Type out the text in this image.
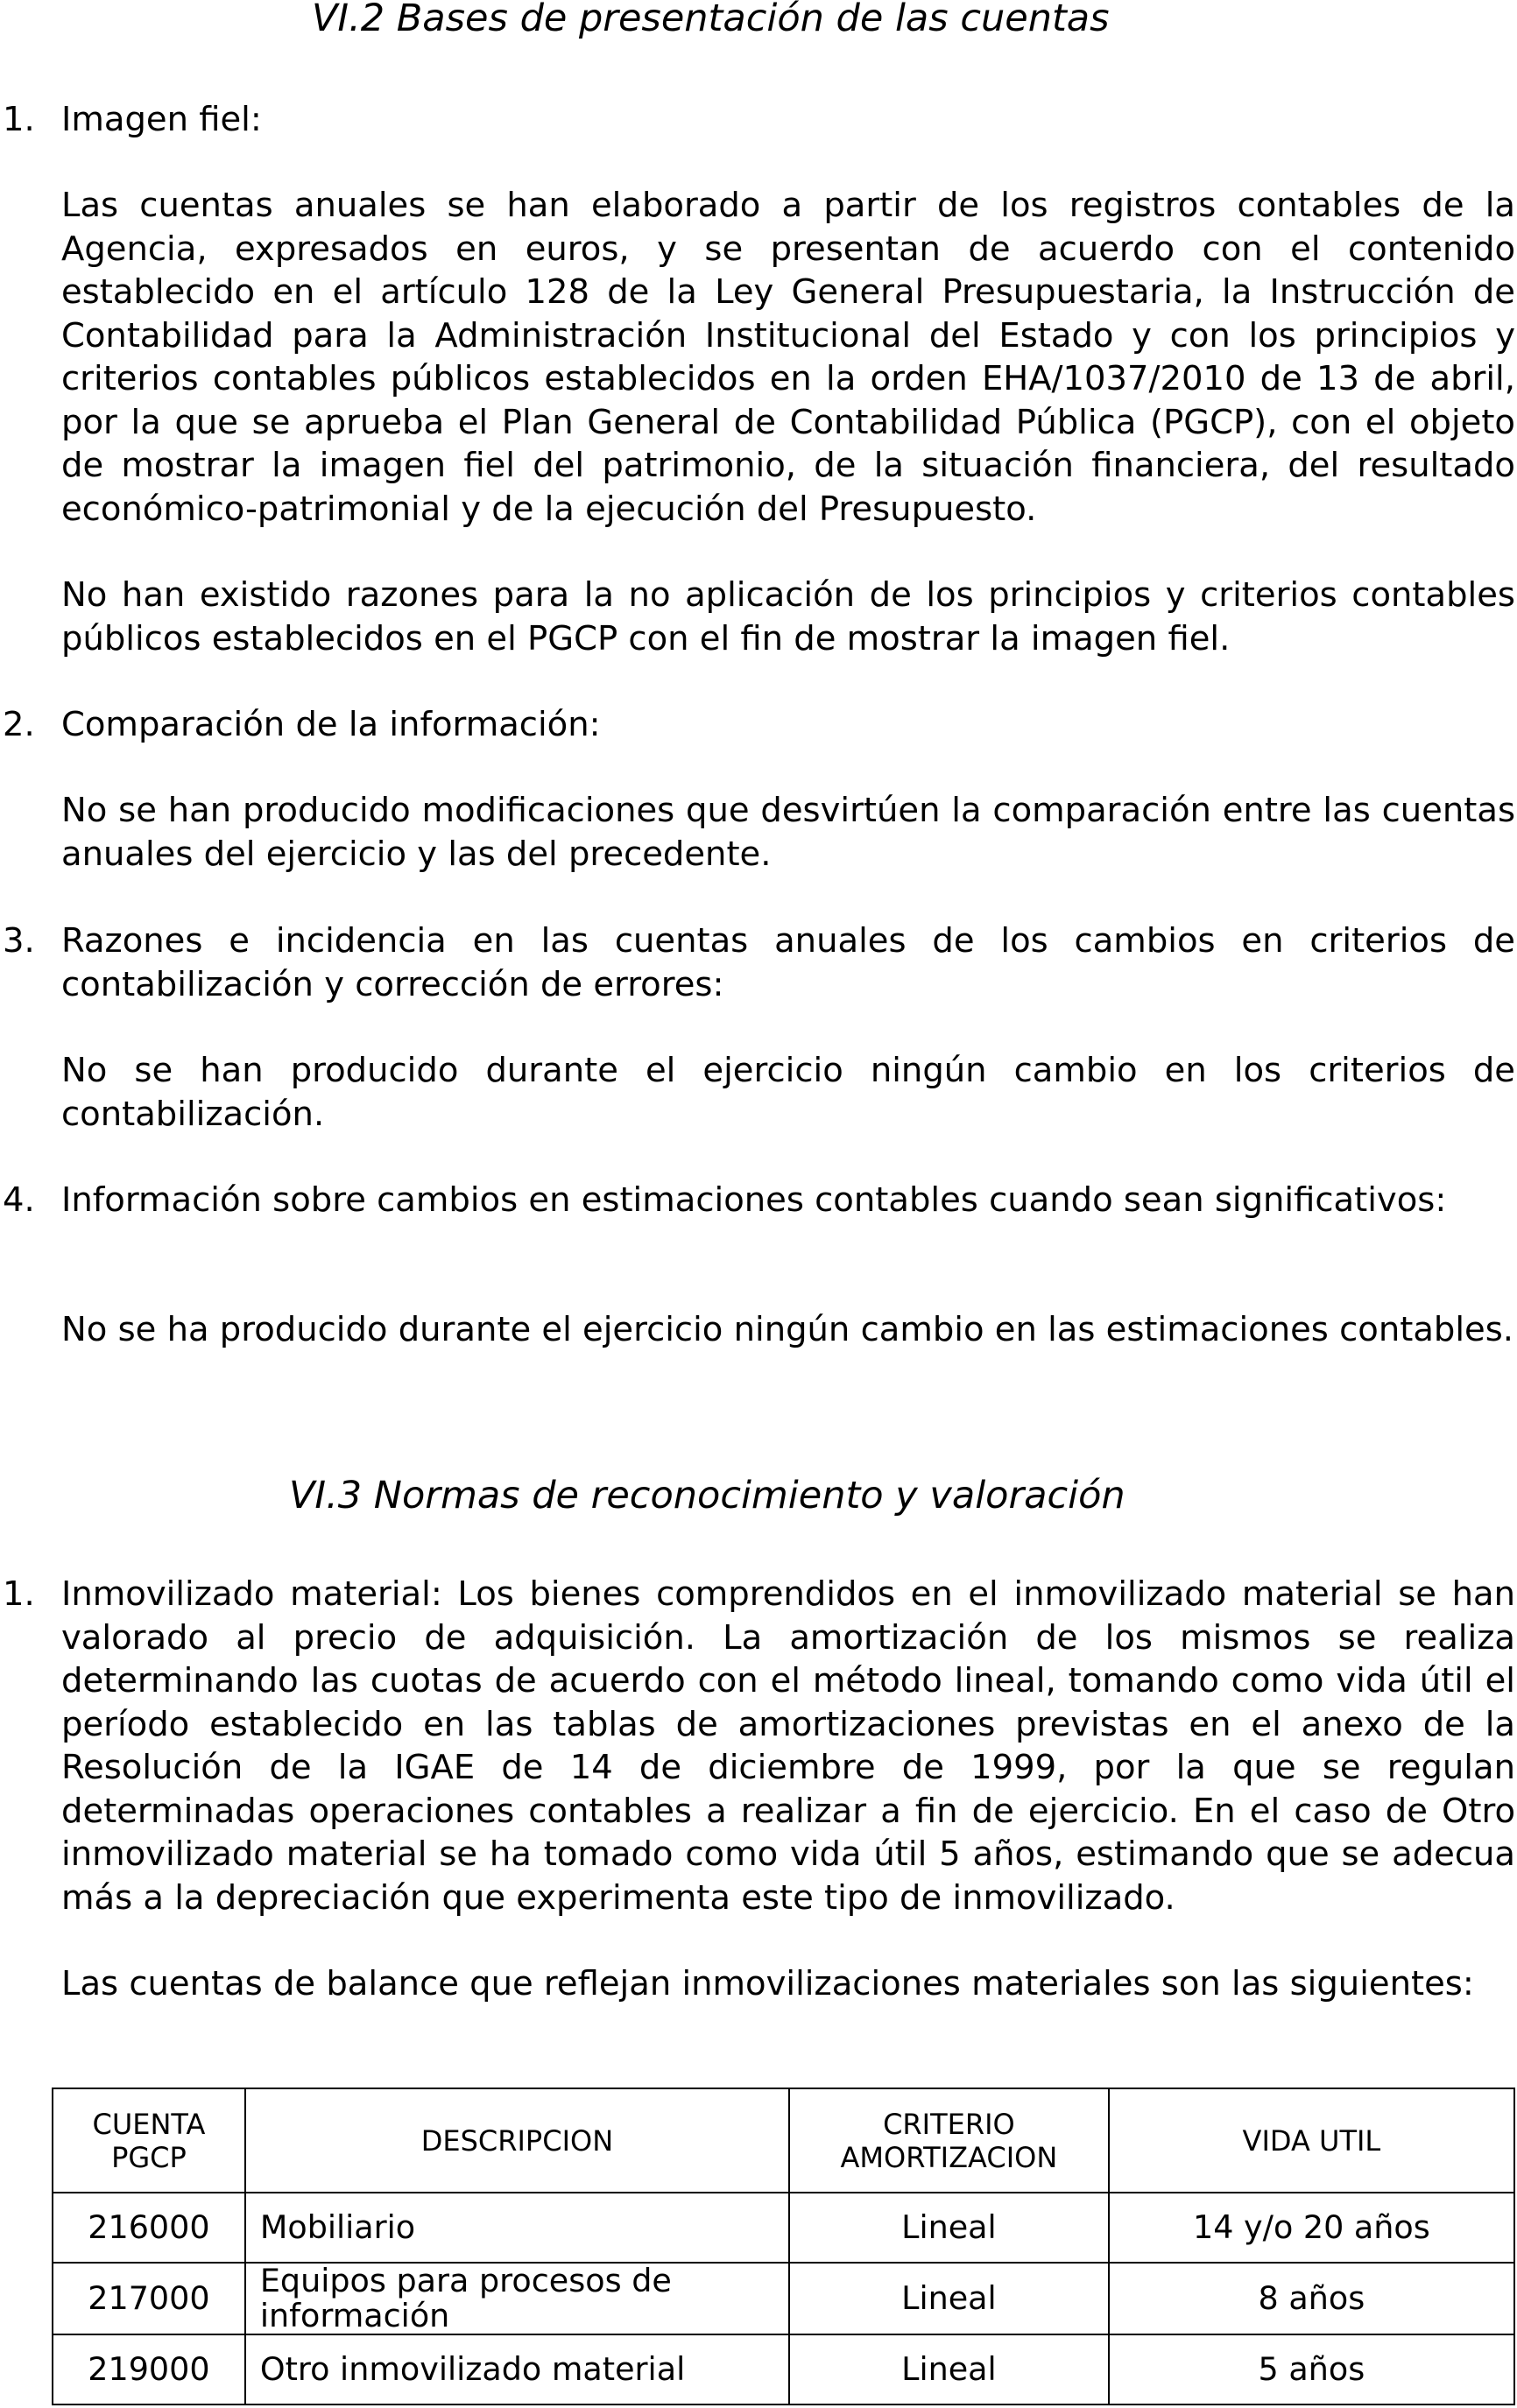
VI.2 Bases de presentación de las cuentas
1. Imagen fiel:

Las cuentas anuales se han elaborado a partir de los registros contables de la Agencia, expresados en euros, y se presentan de acuerdo con el contenido establecido en el artículo 128 de la Ley General Presupuestaria, la Instrucción de Contabilidad para la Administración Institucional del Estado y con los principios y criterios contables públicos establecidos en la orden EHA/1037/2010 de 13 de abril, por la que se aprueba el Plan General de Contabilidad Pública (PGCP), con el objeto de mostrar la imagen fiel del patrimonio, de la situación financiera, del resultado económico-patrimonial y de la ejecución del Presupuesto.

No han existido razones para la no aplicación de los principios y criterios contables públicos establecidos en el PGCP con el fin de mostrar la imagen fiel.

2. Comparación de la información:

No se han producido modificaciones que desvirtúen la comparación entre las cuentas anuales del ejercicio y las del precedente.

3. Razones e incidencia en las cuentas anuales de los cambios en criterios de contabilización y corrección de errores:

No se han producido durante el ejercicio ningún cambio en los criterios de contabilización.

4. Información sobre cambios en estimaciones contables cuando sean significativos:

No se ha producido durante el ejercicio ningún cambio en las estimaciones contables.

VI.3 Normas de reconocimiento y valoración
1. Inmovilizado material: Los bienes comprendidos en el inmovilizado material se han valorado al precio de adquisición. La amortización de los mismos se realiza determinando las cuotas de acuerdo con el método lineal, tomando como vida útil el período establecido en las tablas de amortizaciones previstas en el anexo de la Resolución de la IGAE de 14 de diciembre de 1999, por la que se regulan determinadas operaciones contables a realizar a fin de ejercicio. En el caso de Otro inmovilizado material se ha tomado como vida útil 5 años, estimando que se adecua más a la depreciación que experimenta este tipo de inmovilizado.

Las cuentas de balance que reflejan inmovilizaciones materiales son las siguientes:

CUENTA PGCP	DESCRIPCION	CRITERIO AMORTIZACION	VIDA UTIL
216000	Mobiliario	Lineal	14 y/o 20 años
217000	Equipos para procesos de información	Lineal	8 años
219000	Otro inmovilizado material	Lineal	5 años
